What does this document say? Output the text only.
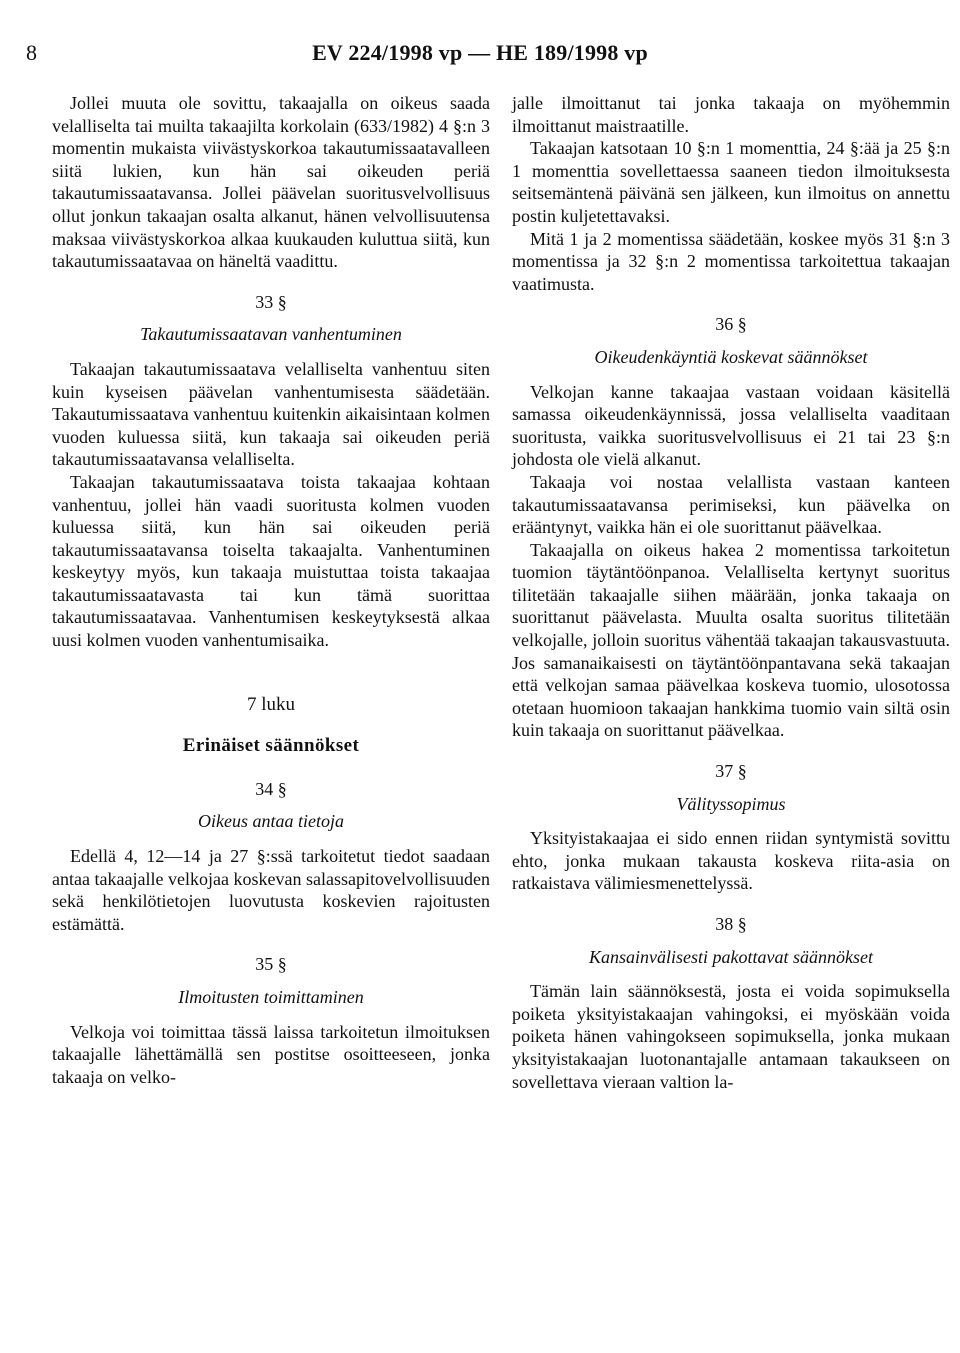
8	EV 224/1998 vp — HE 189/1998 vp

Jollei muuta ole sovittu, takaajalla on oikeus saada velalliselta tai muilta takaajilta korkolain (633/1982) 4 §:n 3 momentin mukaista viivästyskorkoa takautumissaatavalleen siitä lukien, kun hän sai oikeuden periä takautumissaatavansa. Jollei päävelan suoritusvelvollisuus ollut jonkun takaajan osalta alkanut, hänen velvollisuutensa maksaa viivästyskorkoa alkaa kuukauden kuluttua siitä, kun takautumissaatavaa on häneltä vaadittu.

33 §

Takautumissaatavan vanhentuminen

Takaajan takautumissaatava velalliselta vanhentuu siten kuin kyseisen päävelan vanhentumisesta säädetään. Takautumissaatava vanhentuu kuitenkin aikaisintaan kolmen vuoden kuluessa siitä, kun takaaja sai oikeuden periä takautumissaatavansa velalliselta.

Takaajan takautumissaatava toista takaajaa kohtaan vanhentuu, jollei hän vaadi suoritusta kolmen vuoden kuluessa siitä, kun hän sai oikeuden periä takautumissaatavansa toiselta takaajalta. Vanhentuminen keskeytyy myös, kun takaaja muistuttaa toista takaajaa takautumissaatavasta tai kun tämä suorittaa takautumissaatavaa. Vanhentumisen keskeytyksestä alkaa uusi kolmen vuoden vanhentumisaika.

7 luku

Erinäiset säännökset

34 §

Oikeus antaa tietoja

Edellä 4, 12—14 ja 27 §:ssä tarkoitetut tiedot saadaan antaa takaajalle velkojaa koskevan salassapitovelvollisuuden sekä henkilötietojen luovutusta koskevien rajoitusten estämättä.

35 §

Ilmoitusten toimittaminen

Velkoja voi toimittaa tässä laissa tarkoitetun ilmoituksen takaajalle lähettämällä sen postitse osoitteeseen, jonka takaaja on velko-

jalle ilmoittanut tai jonka takaaja on myöhemmin ilmoittanut maistraatille.

Takaajan katsotaan 10 §:n 1 momenttia, 24 §:ää ja 25 §:n 1 momenttia sovellettaessa saaneen tiedon ilmoituksesta seitsemäntenä päivänä sen jälkeen, kun ilmoitus on annettu postin kuljetettavaksi.

Mitä 1 ja 2 momentissa säädetään, koskee myös 31 §:n 3 momentissa ja 32 §:n 2 momentissa tarkoitettua takaajan vaatimusta.

36 §

Oikeudenkäyntiä koskevat säännökset

Velkojan kanne takaajaa vastaan voidaan käsitellä samassa oikeudenkäynnissä, jossa velalliselta vaaditaan suoritusta, vaikka suoritusvelvollisuus ei 21 tai 23 §:n johdosta ole vielä alkanut.

Takaaja voi nostaa velallista vastaan kanteen takautumissaatavansa perimiseksi, kun päävelka on erääntynyt, vaikka hän ei ole suorittanut päävelkaa.

Takaajalla on oikeus hakea 2 momentissa tarkoitetun tuomion täytäntöönpanoa. Velalliselta kertynyt suoritus tilitetään takaajalle siihen määrään, jonka takaaja on suorittanut päävelasta. Muulta osalta suoritus tilitetään velkojalle, jolloin suoritus vähentää takaajan takausvastuuta. Jos samanaikaisesti on täytäntöönpantavana sekä takaajan että velkojan samaa päävelkaa koskeva tuomio, ulosotossa otetaan huomioon takaajan hankkima tuomio vain siltä osin kuin takaaja on suorittanut päävelkaa.

37 §

Välityssopimus

Yksityistakaajaa ei sido ennen riidan syntymistä sovittu ehto, jonka mukaan takausta koskeva riita-asia on ratkaistava välimiesmenettelyssä.

38 §

Kansainvälisesti pakottavat säännökset

Tämän lain säännöksestä, josta ei voida sopimuksella poiketa yksityistakaajan vahingoksi, ei myöskään voida poiketa hänen vahingokseen sopimuksella, jonka mukaan yksityistakaajan luotonantajalle antamaan takaukseen on sovellettava vieraan valtion la-
